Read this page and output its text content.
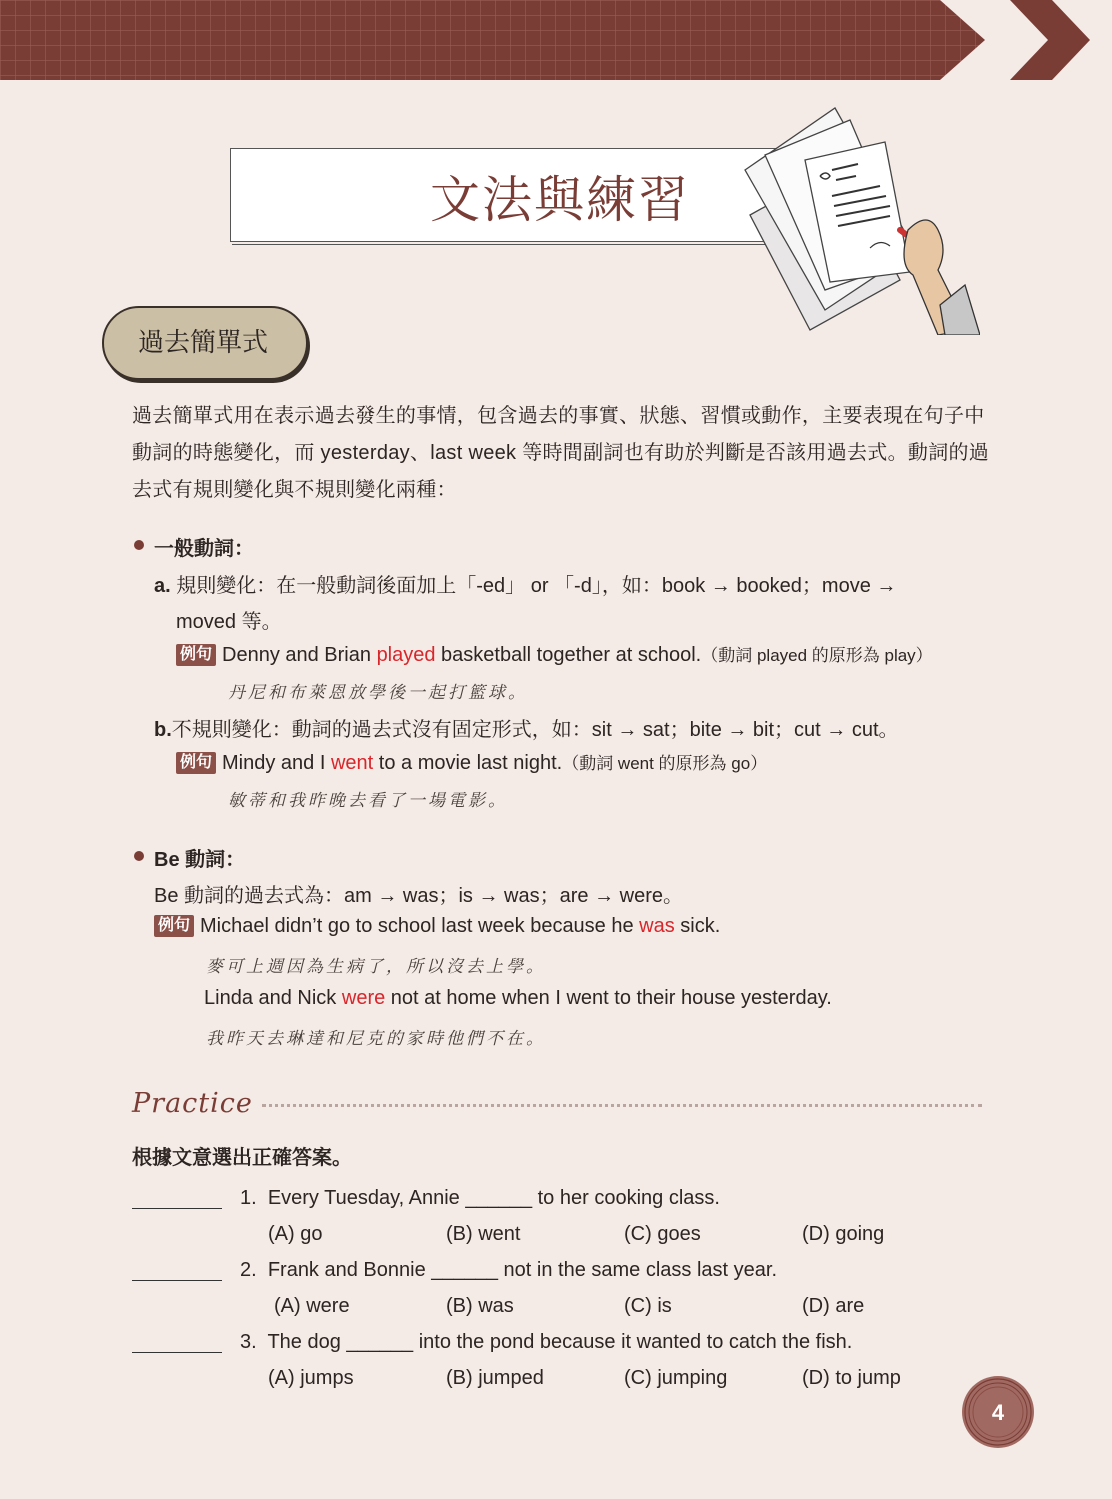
文法與練習
過去簡單式
過去簡單式用在表示過去發生的事情，包含過去的事實、狀態、習慣或動作，主要表現在句子中動詞的時態變化，而 yesterday、last week 等時間副詞也有助於判斷是否該用過去式。動詞的過去式有規則變化與不規則變化兩種：
一般動詞：
a. 規則變化：在一般動詞後面加上「-ed」 or 「-d」，如：book → booked；move →
moved 等。
例句 Denny and Brian played basketball together at school.（動詞 played 的原形為 play）
丹尼和布萊恩放學後一起打籃球。
b.不規則變化：動詞的過去式沒有固定形式，如：sit → sat；bite → bit；cut → cut。
例句 Mindy and I went to a movie last night.（動詞 went 的原形為 go）
敏蒂和我昨晚去看了一場電影。
Be 動詞：
Be 動詞的過去式為：am → was；is → was；are → were。
例句 Michael didn’t go to school last week because he was sick.
麥可上週因為生病了，所以沒去上學。
Linda and Nick were not at home when I went to their house yesterday.
我昨天去琳達和尼克的家時他們不在。
Practice
根據文意選出正確答案。
1. Every Tuesday, Annie ______ to her cooking class.
(A) go	(B) went	(C) goes	(D) going
2. Frank and Bonnie ______ not in the same class last year.
(A) were	(B) was	(C) is	(D) are
3. The dog ______ into the pond because it wanted to catch the fish.
(A) jumps	(B) jumped	(C) jumping	(D) to jump
4
